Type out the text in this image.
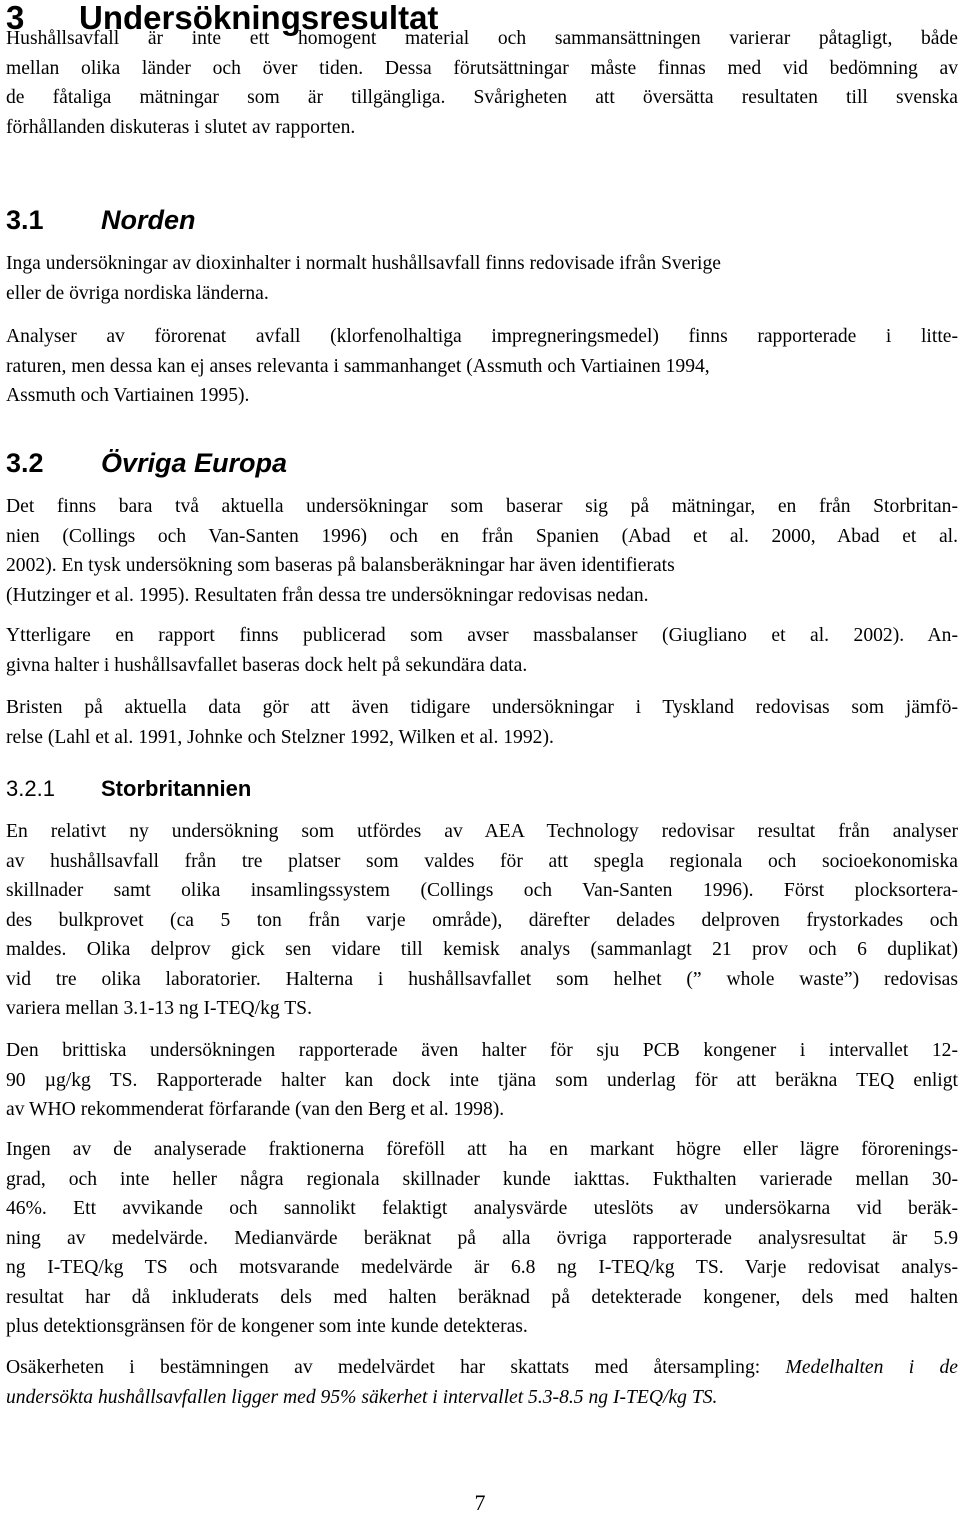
3 Undersökningsresultat
Hushållsavfall är inte ett homogent material och sammansättningen varierar påtagligt, både
mellan olika länder och över tiden. Dessa förutsättningar måste finnas med vid bedömning av
de fåtaliga mätningar som är tillgängliga. Svårigheten att översätta resultaten till svenska
förhållanden diskuteras i slutet av rapporten.
3.1 Norden
Inga undersökningar av dioxinhalter i normalt hushållsavfall finns redovisade ifrån Sverige
eller de övriga nordiska länderna.
Analyser av förorenat avfall (klorfenolhaltiga impregneringsmedel) finns rapporterade i litte-
raturen, men dessa kan ej anses relevanta i sammanhanget (Assmuth och Vartiainen 1994,
Assmuth och Vartiainen 1995).
3.2 Övriga Europa
Det finns bara två aktuella undersökningar som baserar sig på mätningar, en från Storbritan-
nien (Collings och Van-Santen 1996) och en från Spanien (Abad et al. 2000, Abad et al.
2002). En tysk undersökning som baseras på balansberäkningar har även identifierats
(Hutzinger et al. 1995). Resultaten från dessa tre undersökningar redovisas nedan.
Ytterligare en rapport finns publicerad som avser massbalanser (Giugliano et al. 2002). An-
givna halter i hushållsavfallet baseras dock helt på sekundära data.
Bristen på aktuella data gör att även tidigare undersökningar i Tyskland redovisas som jämfö-
relse (Lahl et al. 1991, Johnke och Stelzner 1992, Wilken et al. 1992).
3.2.1 Storbritannien
En relativt ny undersökning som utfördes av AEA Technology redovisar resultat från analyser
av hushållsavfall från tre platser som valdes för att spegla regionala och socioekonomiska
skillnader samt olika insamlingssystem (Collings och Van-Santen 1996). Först plocksortera-
des bulkprovet (ca 5 ton från varje område), därefter delades delproven frystorkades och
maldes. Olika delprov gick sen vidare till kemisk analys (sammanlagt 21 prov och 6 duplikat)
vid tre olika laboratorier. Halterna i hushållsavfallet som helhet (” whole waste”) redovisas
variera mellan 3.1-13 ng I-TEQ/kg TS.
Den brittiska undersökningen rapporterade även halter för sju PCB kongener i intervallet 12-
90 µg/kg TS. Rapporterade halter kan dock inte tjäna som underlag för att beräkna TEQ enligt
av WHO rekommenderat förfarande (van den Berg et al. 1998).
Ingen av de analyserade fraktionerna föreföll att ha en markant högre eller lägre förorenings-
grad, och inte heller några regionala skillnader kunde iakttas. Fukthalten varierade mellan 30-
46%. Ett avvikande och sannolikt felaktigt analysvärde uteslöts av undersökarna vid beräk-
ning av medelvärde. Medianvärde beräknat på alla övriga rapporterade analysresultat är 5.9
ng I-TEQ/kg TS och motsvarande medelvärde är 6.8 ng I-TEQ/kg TS. Varje redovisat analys-
resultat har då inkluderats dels med halten beräknad på detekterade kongener, dels med halten
plus detektionsgränsen för de kongener som inte kunde detekteras.
Osäkerheten i bestämningen av medelvärdet har skattats med återsampling: Medelhalten i de
undersökta hushållsavfallen ligger med 95% säkerhet i intervallet 5.3-8.5 ng I-TEQ/kg TS.
7
